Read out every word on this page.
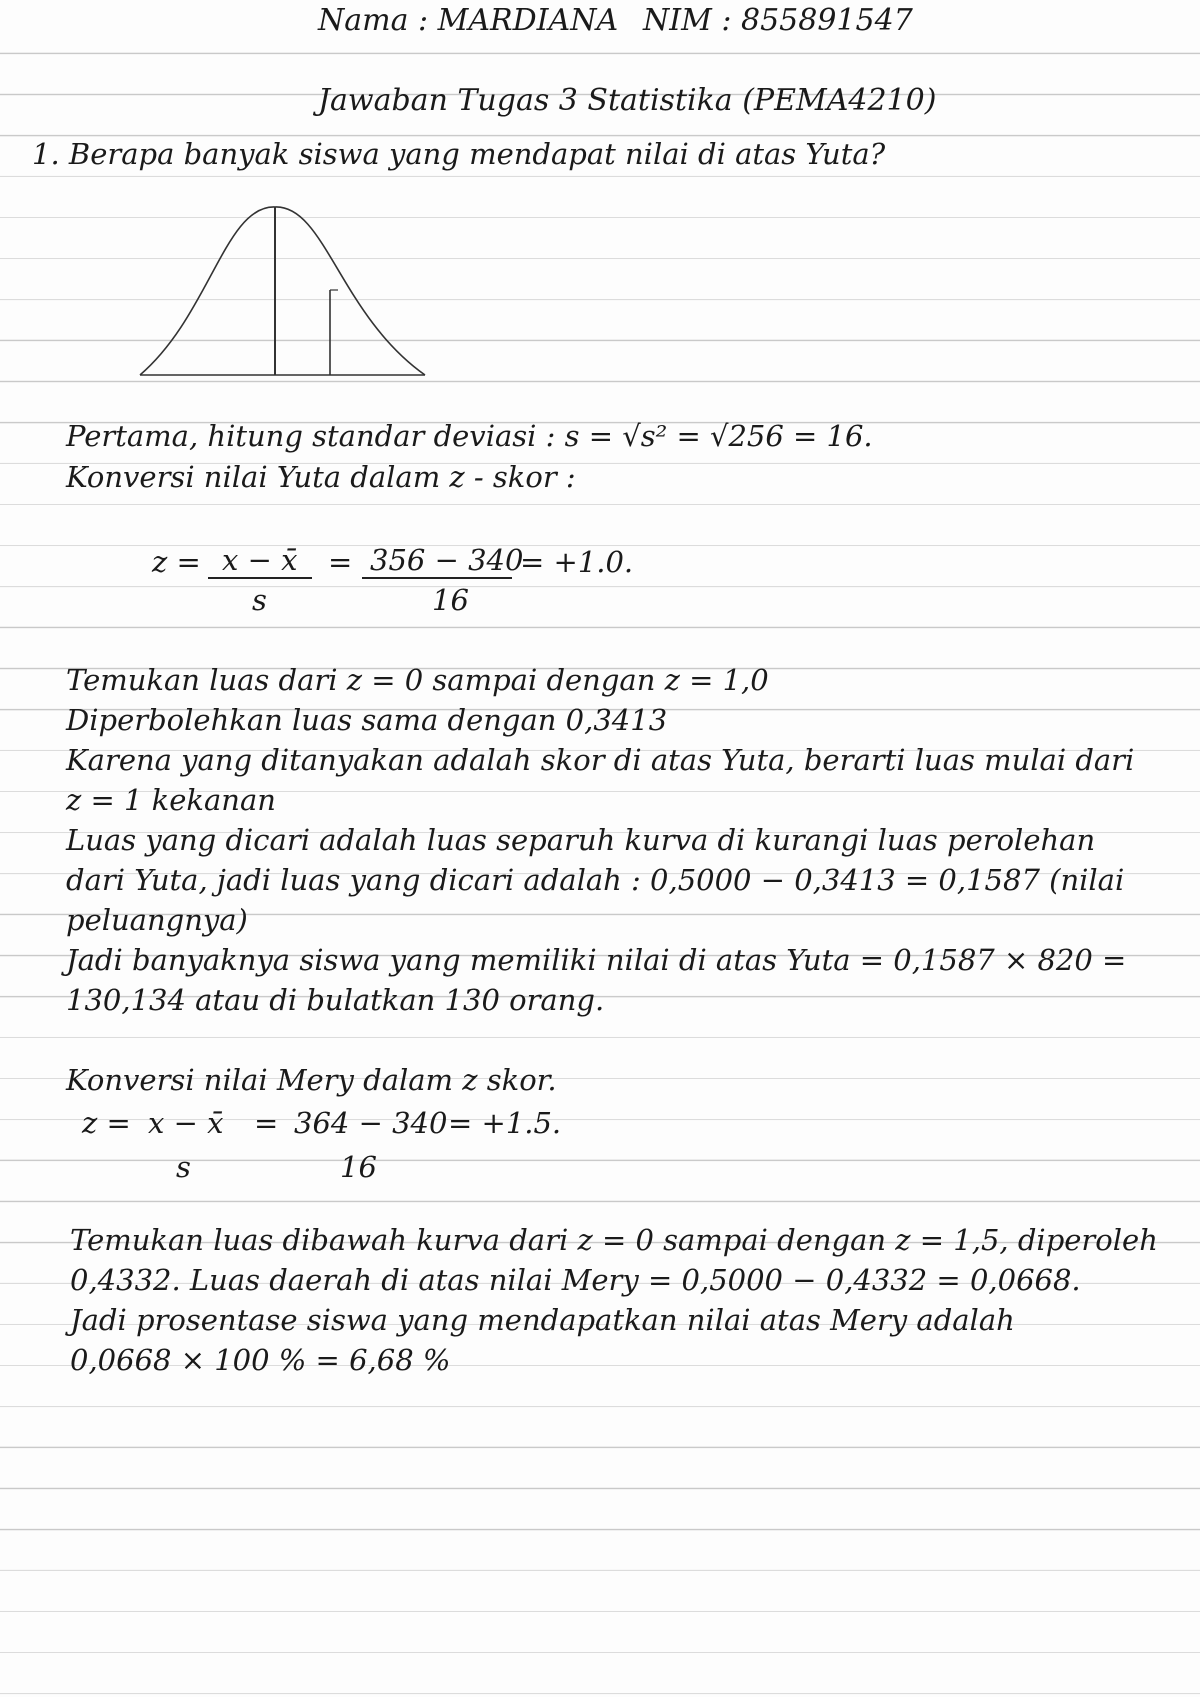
Nama : MARDIANA NIM : 855891547
Jawaban Tugas 3 Statistika (PEMA4210)
1. Berapa banyak siswa yang mendapat nilai di atas Yuta?
Pertama, hitung standar deviasi : s = √s² = √256 = 16.
Konversi nilai Yuta dalam z - skor :
z = x − x̄
s
= 356 − 340
16
= +1.0.
Temukan luas dari z = 0 sampai dengan z = 1,0
Diperbolehkan luas sama dengan 0,3413
Karena yang ditanyakan adalah skor di atas Yuta, berarti luas mulai dari
z = 1 kekanan
Luas yang dicari adalah luas separuh kurva di kurangi luas perolehan
dari Yuta, jadi luas yang dicari adalah : 0,5000 − 0,3413 = 0,1587 (nilai
peluangnya)
Jadi banyaknya siswa yang memiliki nilai di atas Yuta = 0,1587 × 820 =
130,134 atau di bulatkan 130 orang.
Konversi nilai Mery dalam z skor.
z = x − x̄
s
= 364 − 340
16
= +1.5.
Temukan luas dibawah kurva dari z = 0 sampai dengan z = 1,5, diperoleh
0,4332. Luas daerah di atas nilai Mery = 0,5000 − 0,4332 = 0,0668.
Jadi prosentase siswa yang mendapatkan nilai atas Mery adalah
0,0668 × 100 % = 6,68 %
